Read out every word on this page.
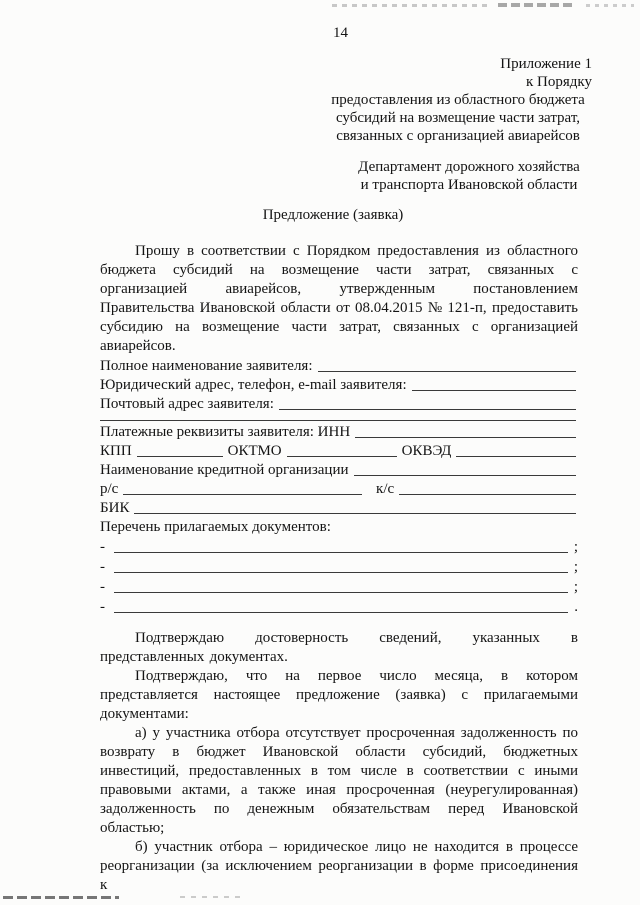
14
Приложение 1
к Порядку
предоставления из областного бюджета
субсидий на возмещение части затрат,
связанных с организацией авиарейсов
Департамент дорожного хозяйства
и транспорта Ивановской области
Предложение (заявка)

Прошу в соответствии с Порядком предоставления из областного бюджета субсидий на возмещение части затрат, связанных с организацией авиарейсов, утвержденным постановлением Правительства Ивановской области от 08.04.2015 № 121-п, предоставить субсидию на возмещение части затрат, связанных с организацией авиарейсов.

Полное наименование заявителя:
Юридический адрес, телефон, e-mail заявителя:
Почтовый адрес заявителя:
Платежные реквизиты заявителя: ИНН
КПП	ОКТМО	ОКВЭД
Наименование кредитной организации
р/с	к/с
БИК
Перечень прилагаемых документов:
-	;
-	;
-	;
-	.

Подтверждаю достоверность сведений, указанных в представленных документах.

Подтверждаю, что на первое число месяца, в котором представляется настоящее предложение (заявка) с прилагаемыми документами:

а) у участника отбора отсутствует просроченная задолженность по возврату в бюджет Ивановской области субсидий, бюджетных инвестиций, предоставленных в том числе в соответствии с иными правовыми актами, а также иная просроченная (неурегулированная) задолженность по денежным обязательствам перед Ивановской областью;

б) участник отбора – юридическое лицо не находится в процессе реорганизации (за исключением реорганизации в форме присоединения к
